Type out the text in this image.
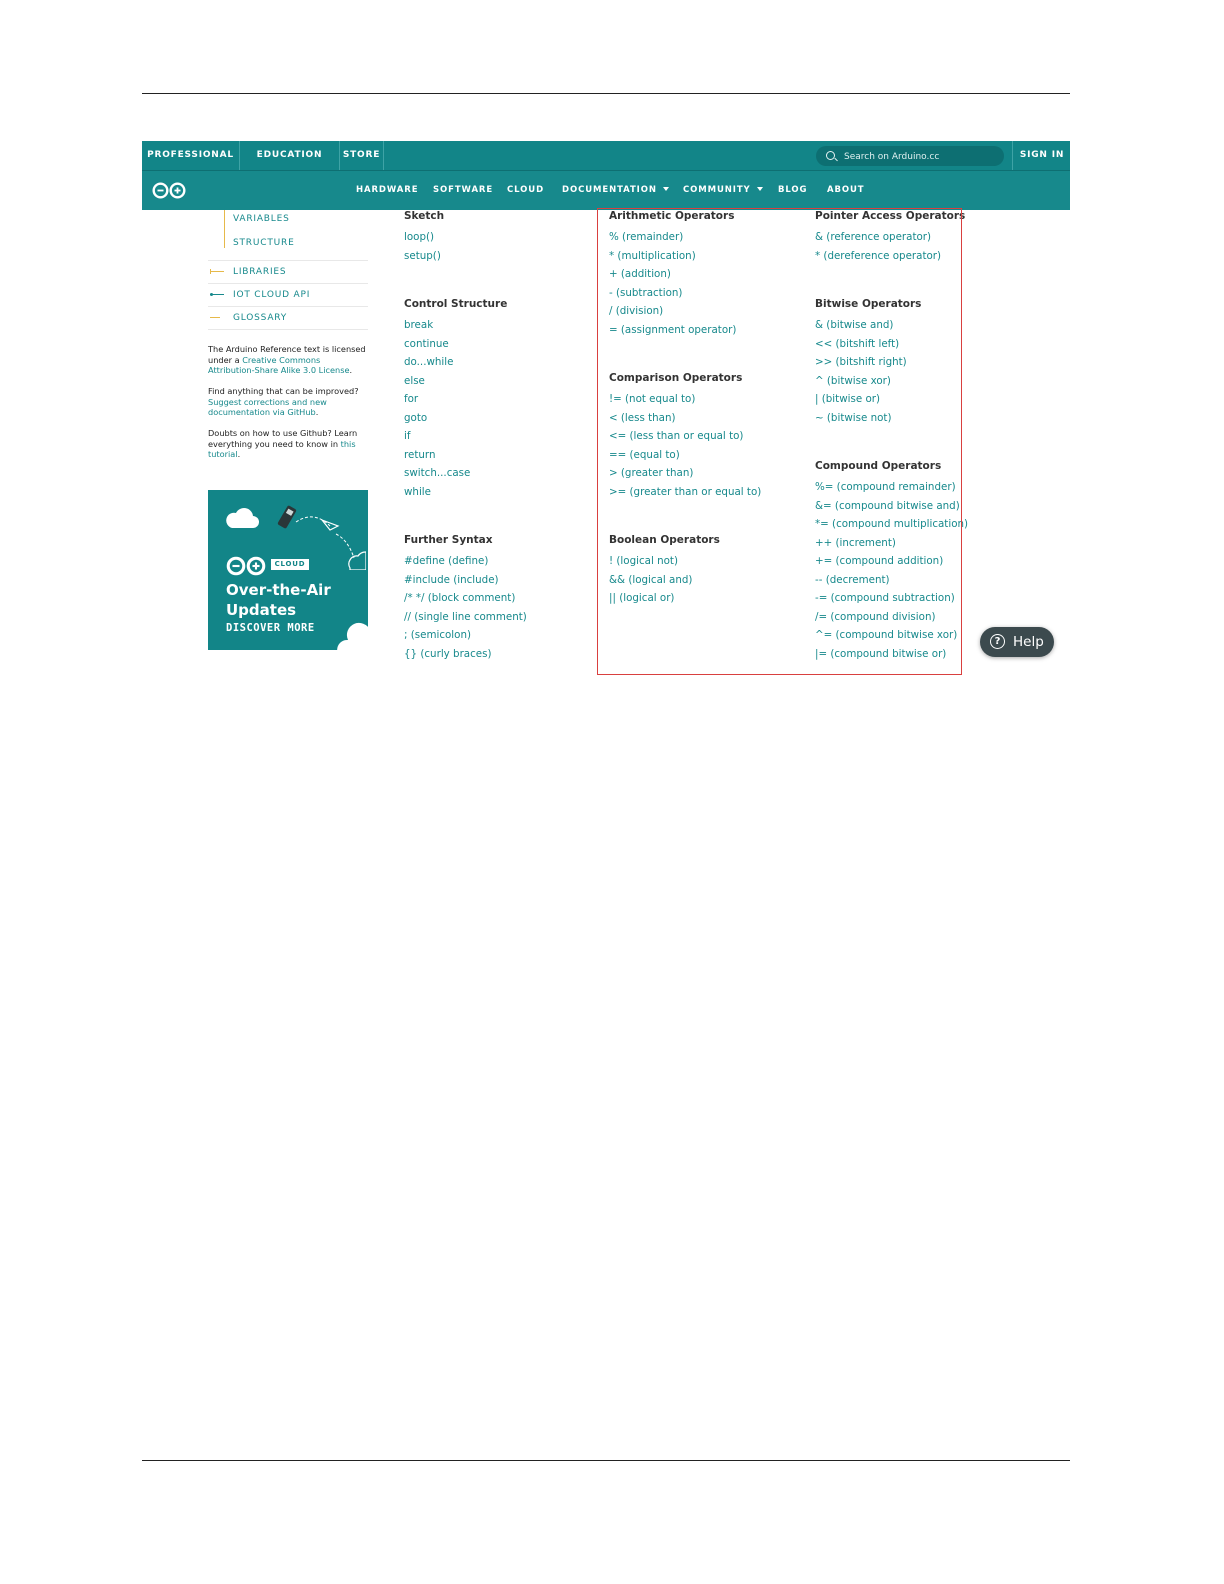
PROFESSIONAL	EDUCATION	STORE
Search on Arduino.cc	SIGN IN
HARDWARE SOFTWARE CLOUD DOCUMENTATION	COMMUNITY	BLOG ABOUT
VARIABLES
STRUCTURE
LIBRARIES
IOT CLOUD API
GLOSSARY
The Arduino Reference text is licensed under a Creative Commons Attribution-Share Alike 3.0 License.
Find anything that can be improved? Suggest corrections and new documentation via GitHub.
Doubts on how to use Github? Learn everything you need to know in this tutorial.
CLOUD
Over-the-Air Updates
DISCOVER MORE
Sketch
loop()
setup()
Control Structure
break
continue
do...while
else
for
goto
if
return
switch...case
while
Further Syntax
#define (define)
#include (include)
/* */ (block comment)
// (single line comment)
; (semicolon)
{} (curly braces)
Arithmetic Operators
% (remainder)
* (multiplication)
+ (addition)
- (subtraction)
/ (division)
= (assignment operator)
Comparison Operators
!= (not equal to)
< (less than)
<= (less than or equal to)
== (equal to)
> (greater than)
>= (greater than or equal to)
Boolean Operators
! (logical not)
&& (logical and)
|| (logical or)
Pointer Access Operators
& (reference operator)
* (dereference operator)
Bitwise Operators
& (bitwise and)
<< (bitshift left)
>> (bitshift right)
^ (bitwise xor)
| (bitwise or)
~ (bitwise not)
Compound Operators
%= (compound remainder)
&= (compound bitwise and)
*= (compound multiplication)
++ (increment)
+= (compound addition)
-- (decrement)
-= (compound subtraction)
/= (compound division)
^= (compound bitwise xor)
|= (compound bitwise or)
? Help
